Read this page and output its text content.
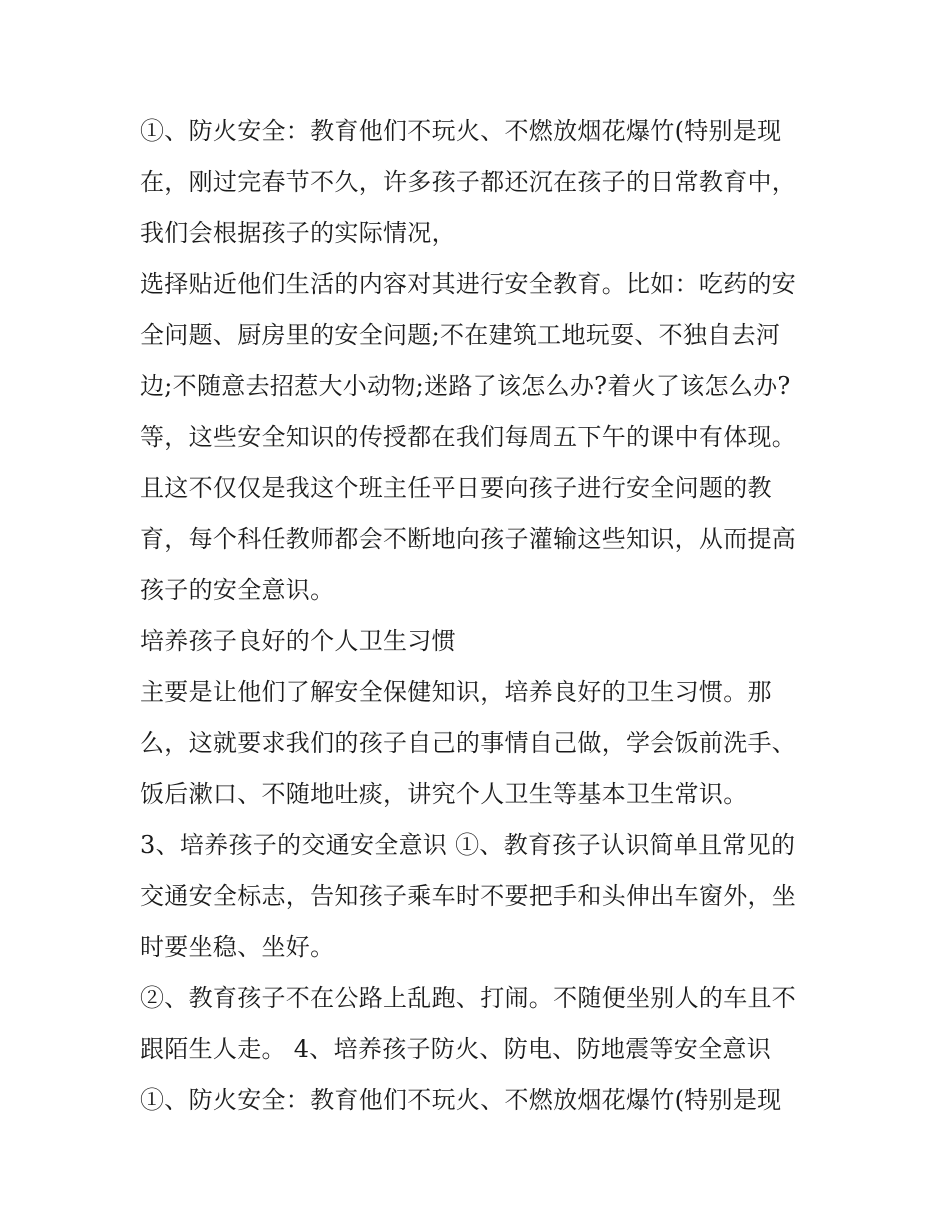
①、防火安全：教育他们不玩火、不燃放烟花爆竹(特别是现
在，刚过完春节不久，许多孩子都还沉在孩子的日常教育中，
我们会根据孩子的实际情况，
选择贴近他们生活的内容对其进行安全教育。比如：吃药的安
全问题、厨房里的安全问题;不在建筑工地玩耍、不独自去河
边;不随意去招惹大小动物;迷路了该怎么办?着火了该怎么办?
等，这些安全知识的传授都在我们每周五下午的课中有体现。
且这不仅仅是我这个班主任平日要向孩子进行安全问题的教
育，每个科任教师都会不断地向孩子灌输这些知识，从而提高
孩子的安全意识。
培养孩子良好的个人卫生习惯
主要是让他们了解安全保健知识，培养良好的卫生习惯。那
么，这就要求我们的孩子自己的事情自己做，学会饭前洗手、
饭后漱口、不随地吐痰，讲究个人卫生等基本卫生常识。
3、培养孩子的交通安全意识 ①、教育孩子认识简单且常见的
交通安全标志，告知孩子乘车时不要把手和头伸出车窗外，坐
时要坐稳、坐好。
②、教育孩子不在公路上乱跑、打闹。不随便坐别人的车且不
跟陌生人走。 4、培养孩子防火、防电、防地震等安全意识
①、防火安全：教育他们不玩火、不燃放烟花爆竹(特别是现
